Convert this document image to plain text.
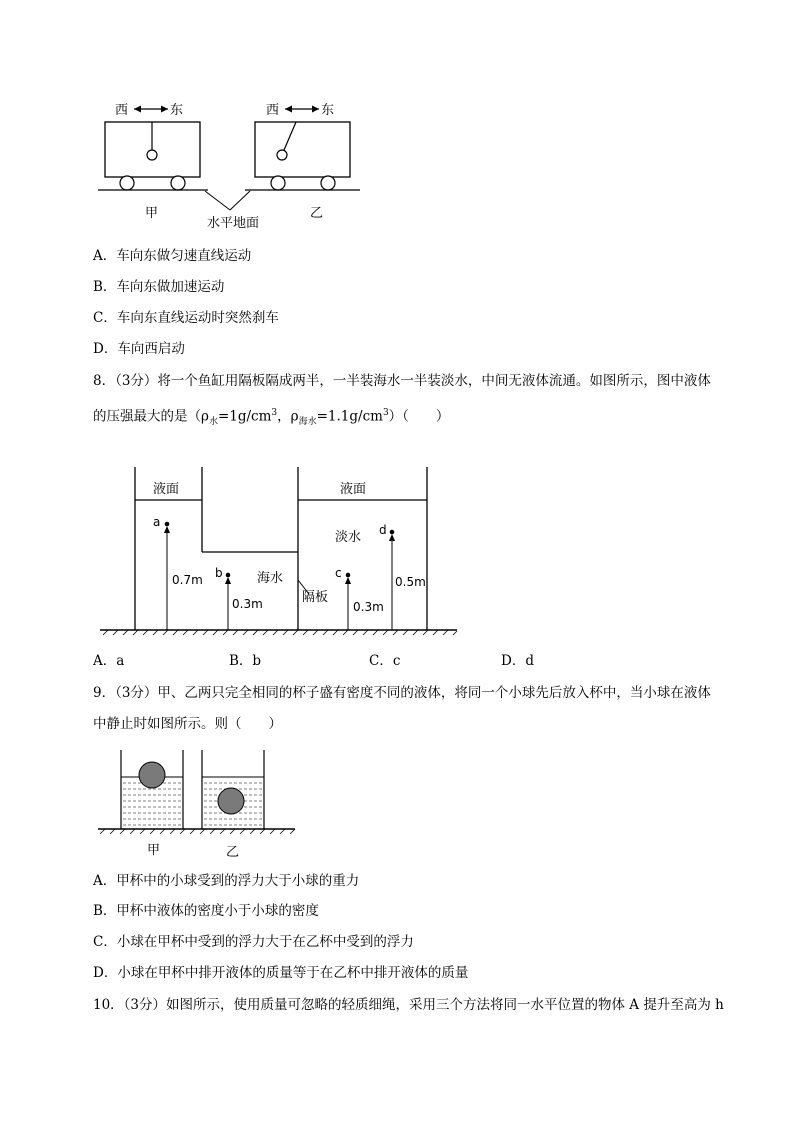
西	东	西	东
甲	乙
水平地面
A．车向东做匀速直线运动
B．车向东做加速运动
C．车向东直线运动时突然刹车
D．车向西启动
8．（3分）将一个鱼缸用隔板隔成两半，一半装海水一半装淡水，中间无液体流通。如图所示，图中液体
的压强最大的是（$\rho_水=1g/cm^3$，$\rho_{海水}=1.1g/cm^3$）（　　）
液面	液面
a
0.7m b
0.3m
海水
隔板
c
0.3m
淡水 d
0.5m
A．a	B．b	C．c	D．d
9．（3分）甲、乙两只完全相同的杯子盛有密度不同的液体，将同一个小球先后放入杯中，当小球在液体
中静止时如图所示。则（　　）
甲	乙
A．甲杯中的小球受到的浮力大于小球的重力
B．甲杯中液体的密度小于小球的密度
C．小球在甲杯中受到的浮力大于在乙杯中受到的浮力
D．小球在甲杯中排开液体的质量等于在乙杯中排开液体的质量
10．（3分）如图所示，使用质量可忽略的轻质细绳，采用三个方法将同一水平位置的物体 A 提升至高为 h
